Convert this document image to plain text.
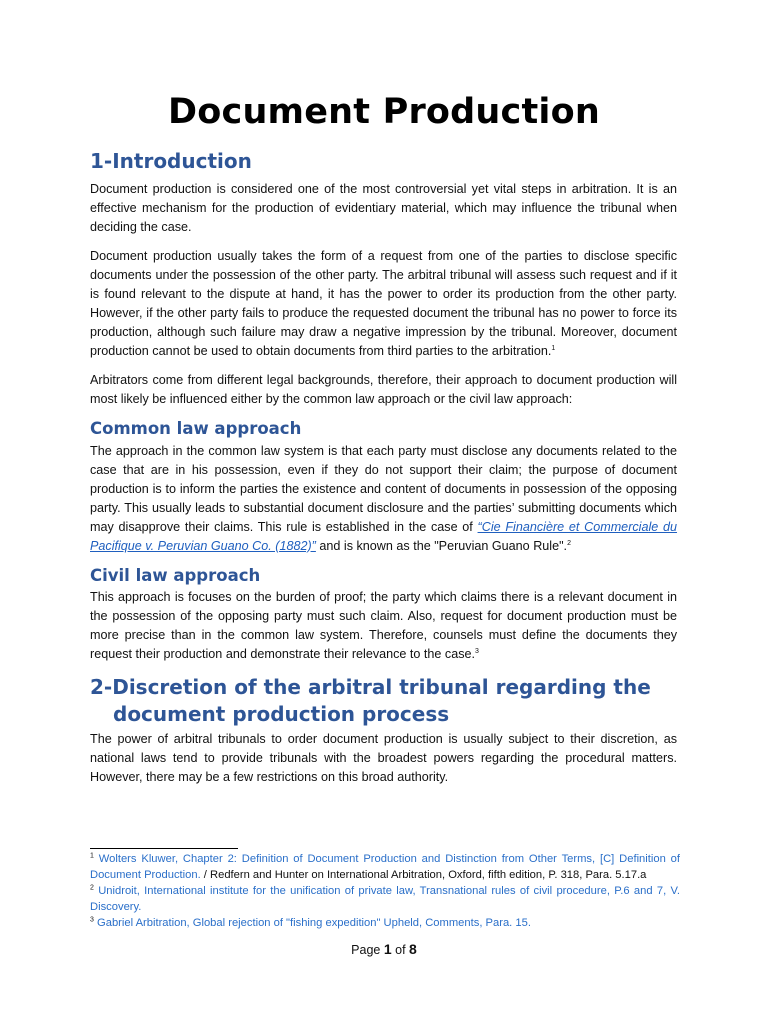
Document Production
1-Introduction

Document production is considered one of the most controversial yet vital steps in arbitration. It is an effective mechanism for the production of evidentiary material, which may influence the tribunal when deciding the case.

Document production usually takes the form of a request from one of the parties to disclose specific documents under the possession of the other party. The arbitral tribunal will assess such request and if it is found relevant to the dispute at hand, it has the power to order its production from the other party. However, if the other party fails to produce the requested document the tribunal has no power to force its production, although such failure may draw a negative impression by the tribunal. Moreover, document production cannot be used to obtain documents from third parties to the arbitration.$^1$

Arbitrators come from different legal backgrounds, therefore, their approach to document production will most likely be influenced either by the common law approach or the civil law approach:

Common law approach

The approach in the common law system is that each party must disclose any documents related to the case that are in his possession, even if they do not support their claim; the purpose of document production is to inform the parties the existence and content of documents in possession of the opposing party. This usually leads to substantial document disclosure and the parties’ submitting documents which may disapprove their claims. This rule is established in the case of “Cie Financière et Commerciale du Pacifique v. Peruvian Guano Co. (1882)” and is known as the "Peruvian Guano Rule".$^2$

Civil law approach

This approach is focuses on the burden of proof; the party which claims there is a relevant document in the possession of the opposing party must such claim. Also, request for document production must be more precise than in the common law system. Therefore, counsels must define the documents they request their production and demonstrate their relevance to the case.$^3$

2-Discretion of the arbitral tribunal regarding the
document production process

The power of arbitral tribunals to order document production is usually subject to their discretion, as national laws tend to provide tribunals with the broadest powers regarding the procedural matters. However, there may be a few restrictions on this broad authority.

$^1$ Wolters Kluwer, Chapter 2: Definition of Document Production and Distinction from Other Terms, [C] Definition of Document Production. / Redfern and Hunter on International Arbitration, Oxford, fifth edition, P. 318, Para. 5.17.a

$^2$ Unidroit, International institute for the unification of private law, Transnational rules of civil procedure, P.6 and 7, V. Discovery.

$^3$ Gabriel Arbitration, Global rejection of "fishing expedition" Upheld, Comments, Para. 15.

Page 1 of 8
